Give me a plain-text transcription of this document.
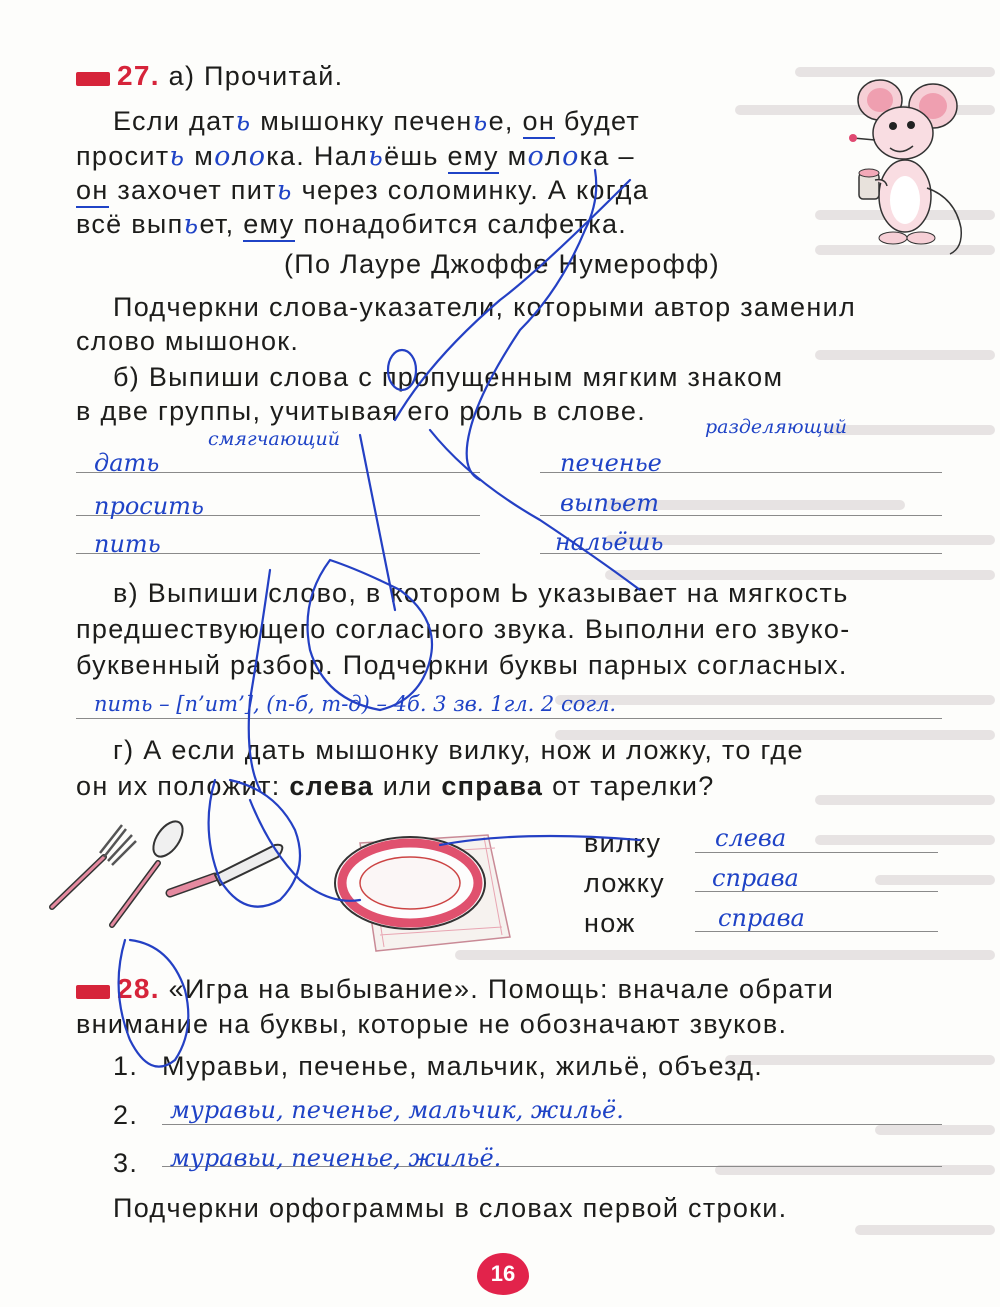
27. а) Прочитай.
Если дать мышонку печенье, он будет
просить молока. Нальёшь ему молока –
он захочет пить через соломинку. А когда
всё выпьет, ему понадобится салфетка.
(По Лауре Джоффе Нумерофф)
Подчеркни слова-указатели, которыми автор заменил
слово мышонок.
б) Выпиши слова с пропущенным мягким знаком
в две группы, учитывая его роль в слове.
смягчающий
разделяющий
дать
просить
пить
печенье
выпьет
нальёшь
в) Выпиши слово, в котором Ь указывает на мягкость
предшествующего согласного звука. Выполни его звуко-
буквенный разбор. Подчеркни буквы парных согласных.
пить – [п’ит’], (п-б, т-д) – 4б. 3 зв. 1гл. 2 согл.
г) А если дать мышонку вилку, нож и ложку, то где
он их положит: слева или справа от тарелки?
вилку
ложку
нож
слева
справа
справа
28. «Игра на выбывание». Помощь: вначале обрати
внимание на буквы, которые не обозначают звуков.
1. Муравьи, печенье, мальчик, жильё, объезд.
2. муравьи, печенье, мальчик, жильё.
3. муравьи, печенье, жильё.
Подчеркни орфограммы в словах первой строки.
16
